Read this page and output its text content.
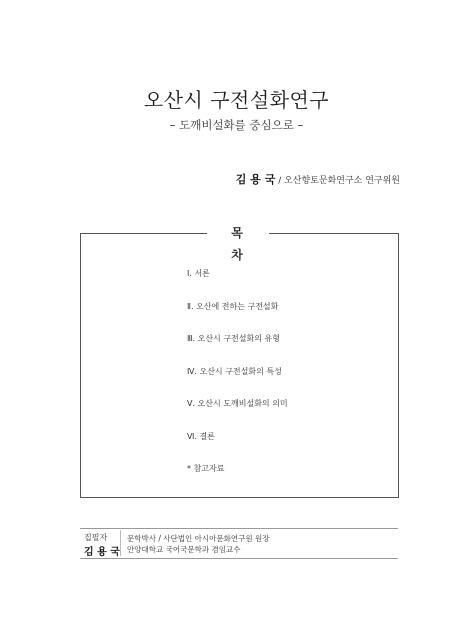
오산시 구전설화연구
– 도깨비설화를 중심으로 –
김 용 국 / 오산향토문화연구소 연구위원
목차
Ⅰ. 서론
Ⅱ. 오산에 전하는 구전설화
Ⅲ. 오산시 구전설화의 유형
Ⅳ. 오산시 구전설화의 특성
Ⅴ. 오산시 도깨비설화의 의미
Ⅵ. 결론
* 참고자료
집필자
김 용 국
문학박사 / 사단법인 아시아문화연구원 원장
안양대학교 국어국문학과 겸임교수
